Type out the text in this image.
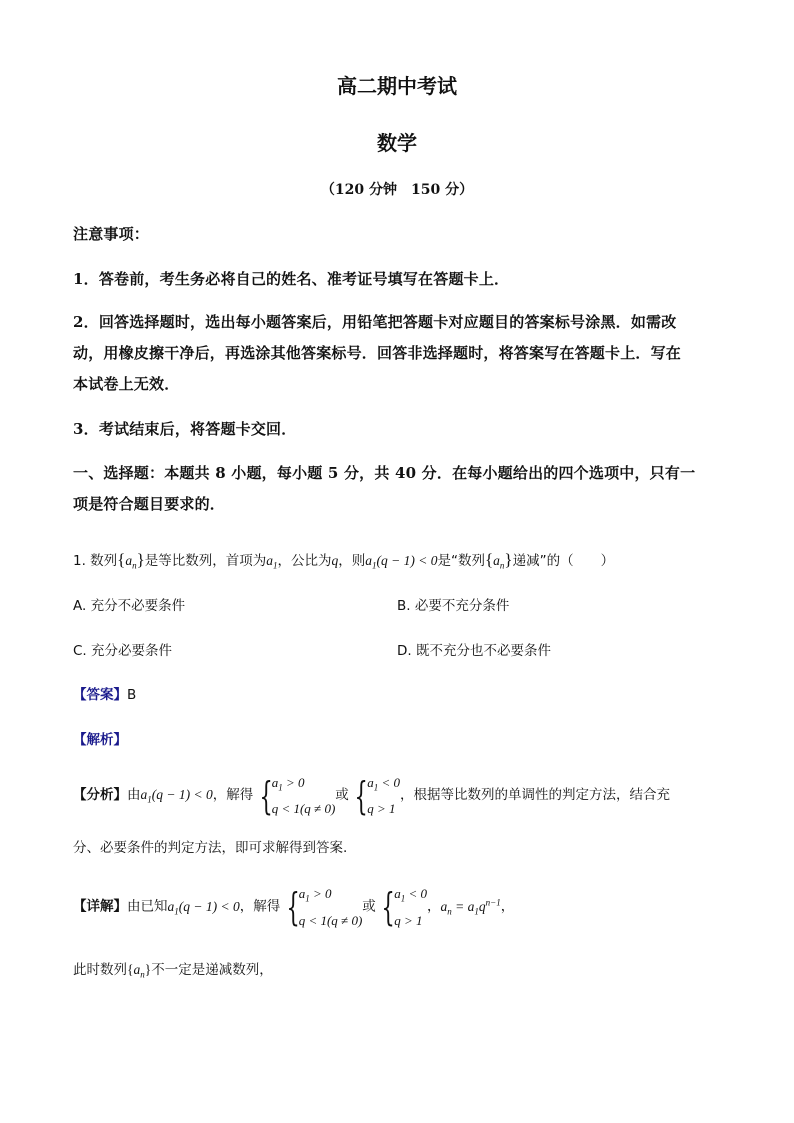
高二期中考试
数学
（120 分钟　150 分）
注意事项：
1．答卷前，考生务必将自己的姓名、准考证号填写在答题卡上．
2．回答选择题时，选出每小题答案后，用铅笔把答题卡对应题目的答案标号涂黑．如需改
动，用橡皮擦干净后，再选涂其他答案标号．回答非选择题时，将答案写在答题卡上．写在
本试卷上无效．
3．考试结束后，将答题卡交回．
一、选择题：本题共 8 小题，每小题 5 分，共 40 分．在每小题给出的四个选项中，只有一
项是符合题目要求的．
1. 数列$\{a_n\}$是等比数列，首项为$a_1$，公比为q，则$a_1(q - 1) < 0$是“数列$\{a_n\}$递减”的（　　）
A. 充分不必要条件	B. 必要不充分条件
C. 充分必要条件	D. 既不充分也不必要条件
【答案】B
【解析】
【分析】由$a_1(q - 1) < 0$，解得 { $a_1 > 0$
q < 1(q ≠ 0)
或 { $a_1 < 0$
q > 1
，根据等比数列的单调性的判定方法，结合充
分、必要条件的判定方法，即可求解得到答案.
【详解】由已知$a_1(q - 1) < 0$，解得 { $a_1 > 0$
q < 1(q ≠ 0)
或 { $a_1 < 0$
q > 1
，$a_n = a_1q^{n-1}$，
此时数列$\{a_n\}$不一定是递减数列，
